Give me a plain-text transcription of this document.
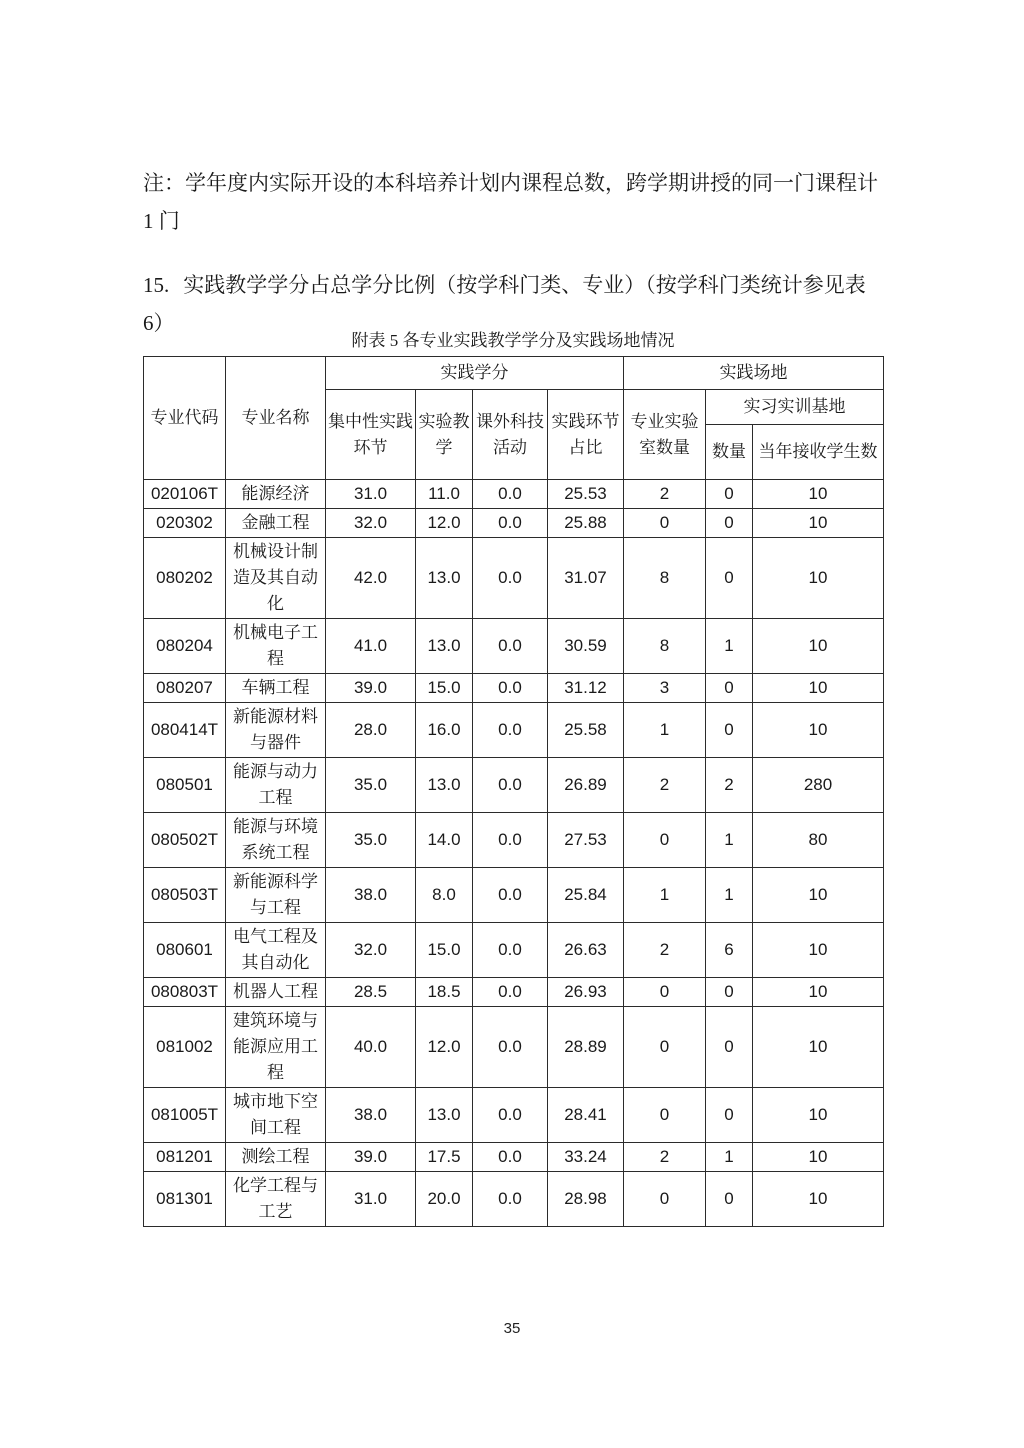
注：学年度内实际开设的本科培养计划内课程总数，跨学期讲授的同一门课程计
1 门
15. 实践教学学分占总学分比例（按学科门类、专业）（按学科门类统计参见表
6）
附表 5 各专业实践教学学分及实践场地情况
专业代码	专业名称	实践学分				实践场地		
		集中性实践环节	实验教学	课外科技活动	实践环节占比	专业实验室数量	实习实训基地	
							数量	当年接收学生数
020106T	能源经济	31.0	11.0	0.0	25.53	2	0	10
020302	金融工程	32.0	12.0	0.0	25.88	0	0	10
080202	机械设计制造及其自动化	42.0	13.0	0.0	31.07	8	0	10
080204	机械电子工程	41.0	13.0	0.0	30.59	8	1	10
080207	车辆工程	39.0	15.0	0.0	31.12	3	0	10
080414T	新能源材料与器件	28.0	16.0	0.0	25.58	1	0	10
080501	能源与动力工程	35.0	13.0	0.0	26.89	2	2	280
080502T	能源与环境系统工程	35.0	14.0	0.0	27.53	0	1	80
080503T	新能源科学与工程	38.0	8.0	0.0	25.84	1	1	10
080601	电气工程及其自动化	32.0	15.0	0.0	26.63	2	6	10
080803T	机器人工程	28.5	18.5	0.0	26.93	0	0	10
081002	建筑环境与能源应用工程	40.0	12.0	0.0	28.89	0	0	10
081005T	城市地下空间工程	38.0	13.0	0.0	28.41	0	0	10
081201	测绘工程	39.0	17.5	0.0	33.24	2	1	10
081301	化学工程与工艺	31.0	20.0	0.0	28.98	0	0	10
35
